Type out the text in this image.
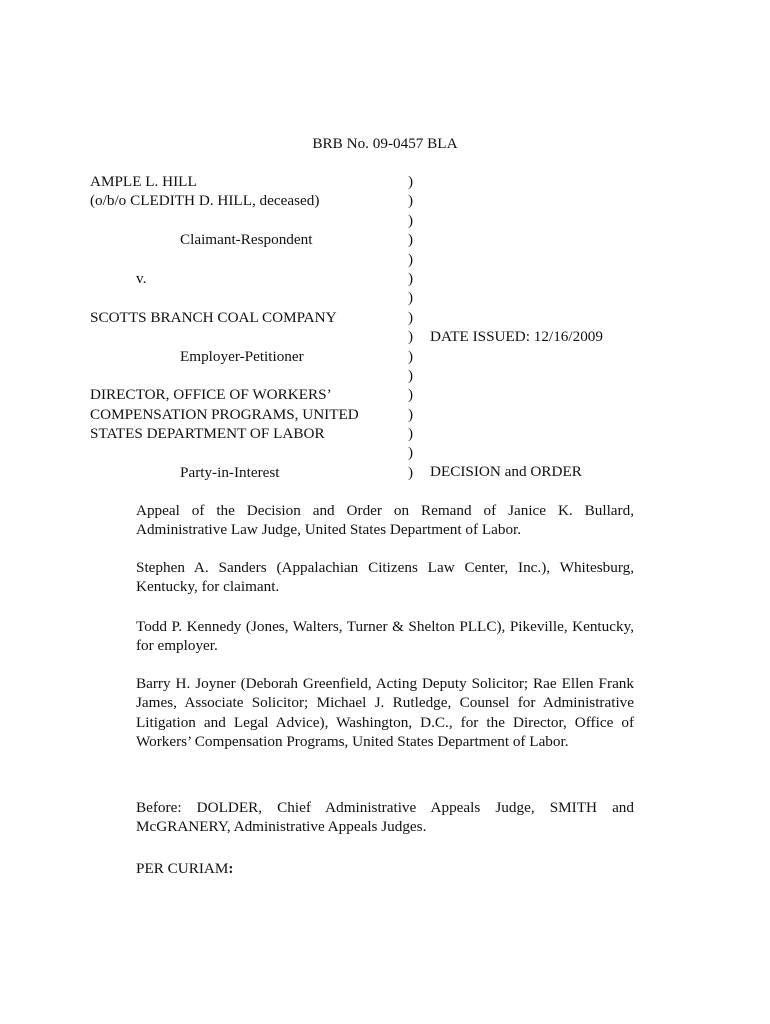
BRB No. 09-0457 BLA
AMPLE L. HILL
(o/b/o CLEDITH D. HILL, deceased)
Claimant-Respondent
v.
SCOTTS BRANCH COAL COMPANY
Employer-Petitioner
DIRECTOR, OFFICE OF WORKERS’
COMPENSATION PROGRAMS, UNITED
STATES DEPARTMENT OF LABOR
Party-in-Interest
)
)
)
)
)
)
)
)
)
)
)
)
)
)
)
)
DATE ISSUED: 12/16/2009
DECISION and ORDER
Appeal of the Decision and Order on Remand of Janice K. Bullard, Administrative Law Judge, United States Department of Labor.
Stephen A. Sanders (Appalachian Citizens Law Center, Inc.), Whitesburg, Kentucky, for claimant.
Todd P. Kennedy (Jones, Walters, Turner & Shelton PLLC), Pikeville, Kentucky, for employer.
Barry H. Joyner (Deborah Greenfield, Acting Deputy Solicitor; Rae Ellen Frank James, Associate Solicitor; Michael J. Rutledge, Counsel for Administrative Litigation and Legal Advice), Washington, D.C., for the Director, Office of Workers’ Compensation Programs, United States Department of Labor.
Before: DOLDER, Chief Administrative Appeals Judge, SMITH and McGRANERY, Administrative Appeals Judges.
PER CURIAM:
